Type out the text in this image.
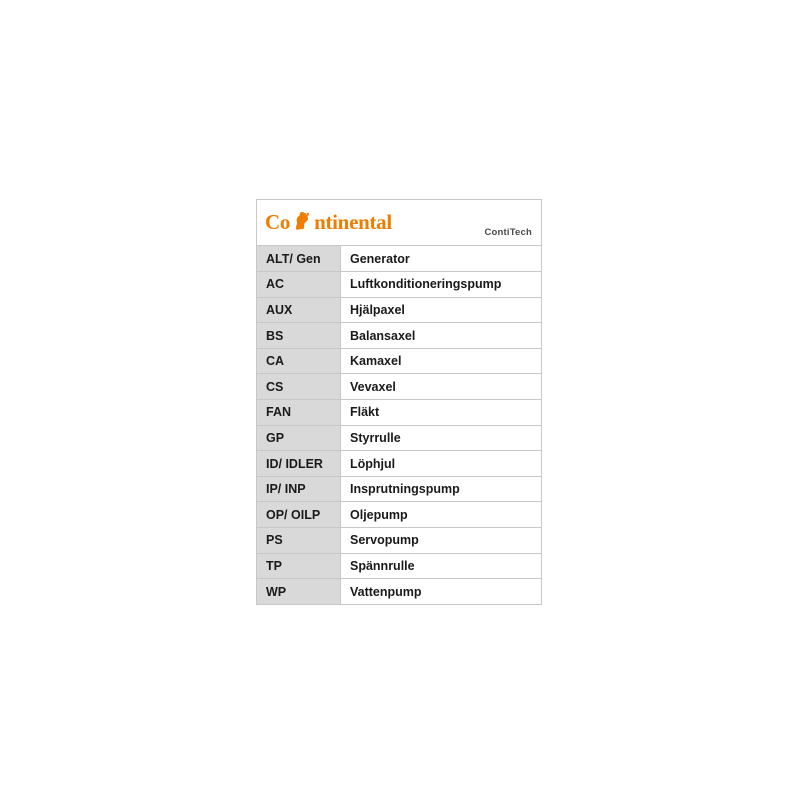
Co ntinental	ContiTech
ALT/ Gen	Generator
AC	Luftkonditioneringspump
AUX	Hjälpaxel
BS	Balansaxel
CA	Kamaxel
CS	Vevaxel
FAN	Fläkt
GP	Styrrulle
ID/ IDLER	Löphjul
IP/ INP	Insprutningspump
OP/ OILP	Oljepump
PS	Servopump
TP	Spännrulle
WP	Vattenpump
